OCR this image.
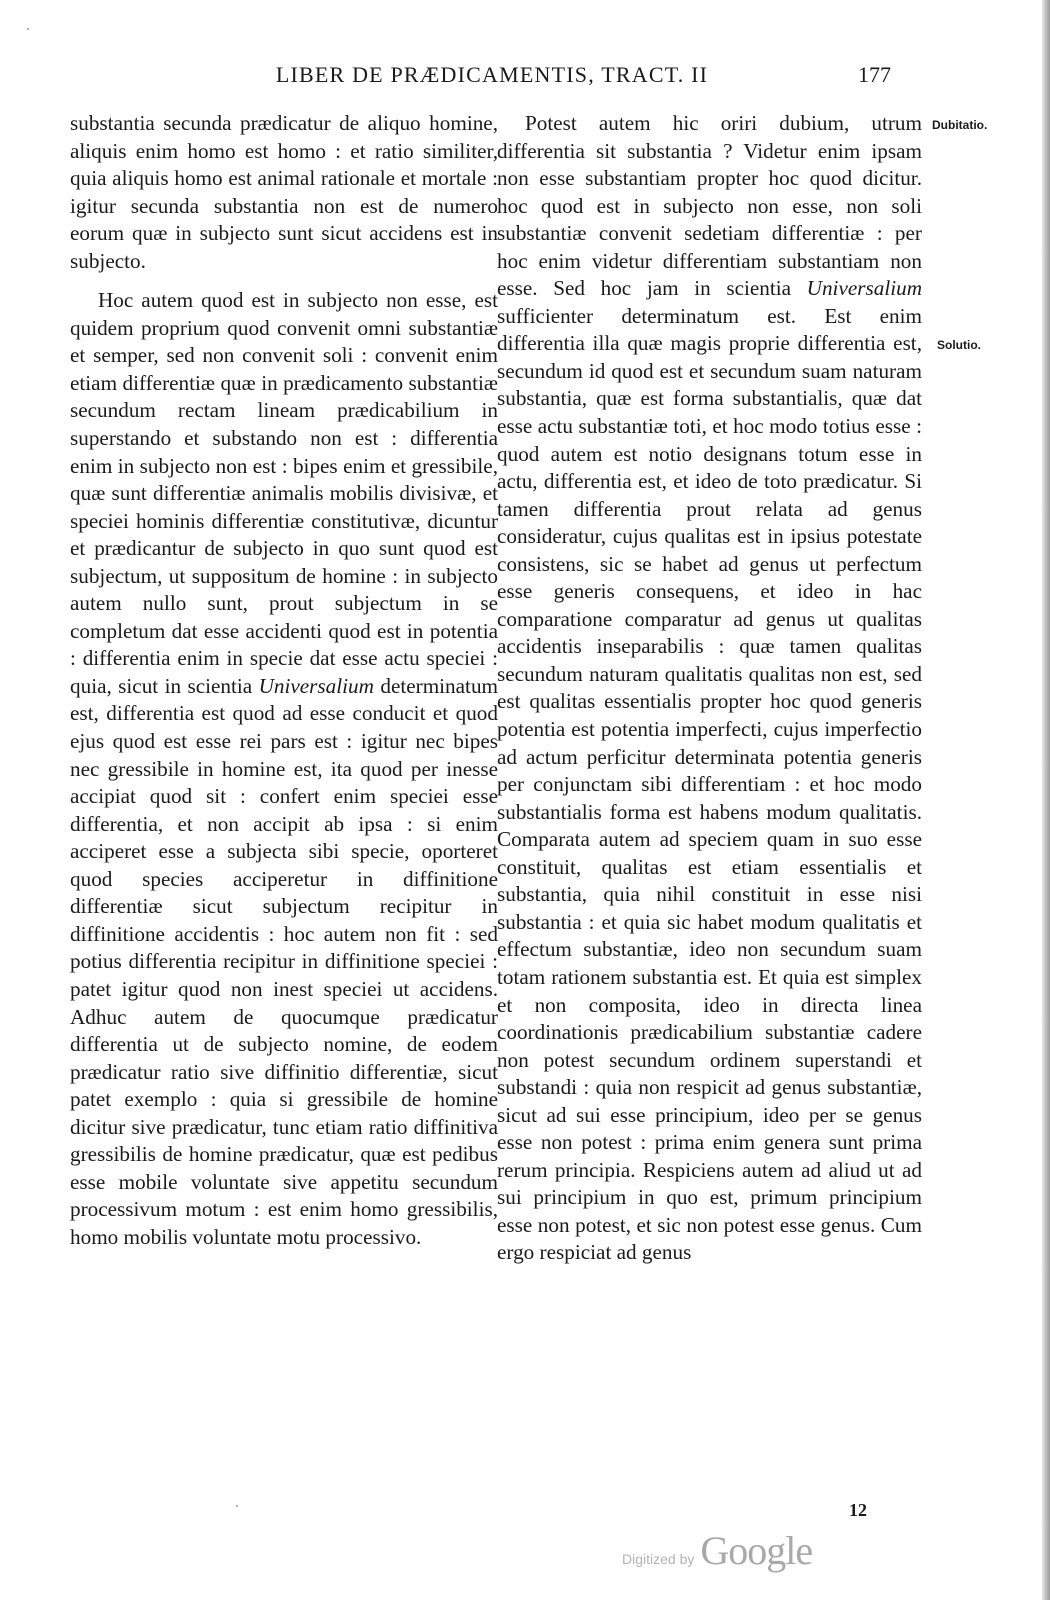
LIBER DE PRÆDICAMENTIS, TRACT. II	177

substantia secunda prædicatur de aliquo homine, aliquis enim homo est homo : et ratio similiter, quia aliquis homo est animal rationale et mortale : igitur secunda substantia non est de numero eorum quæ in subjecto sunt sicut accidens est in subjecto.

Hoc autem quod est in subjecto non esse, est quidem proprium quod convenit omni substantiæ et semper, sed non convenit soli : convenit enim etiam differentiæ quæ in prædicamento substantiæ secundum rectam lineam prædicabilium in superstando et substando non est : differentia enim in subjecto non est : bipes enim et gressibile, quæ sunt differentiæ animalis mobilis divisivæ, et speciei hominis differentiæ constitutivæ, dicuntur et prædicantur de subjecto in quo sunt quod est subjectum, ut suppositum de homine : in subjecto autem nullo sunt, prout subjectum in se completum dat esse accidenti quod est in potentia : differentia enim in specie dat esse actu speciei : quia, sicut in scientia Universalium determinatum est, differentia est quod ad esse conducit et quod ejus quod est esse rei pars est : igitur nec bipes nec gressibile in homine est, ita quod per inesse accipiat quod sit : confert enim speciei esse differentia, et non accipit ab ipsa : si enim acciperet esse a subjecta sibi specie, oporteret quod species acciperetur in diffinitione differentiæ sicut subjectum recipitur in diffinitione accidentis : hoc autem non fit : sed potius differentia recipitur in diffinitione speciei : patet igitur quod non inest speciei ut accidens. Adhuc autem de quocumque prædicatur differentia ut de subjecto nomine, de eodem prædicatur ratio sive diffinitio differentiæ, sicut patet exemplo : quia si gressibile de homine dicitur sive prædicatur, tunc etiam ratio diffinitiva gressibilis de homine prædicatur, quæ est pedibus esse mobile voluntate sive appetitu secundum processivum motum : est enim homo gressibilis, homo mobilis voluntate motu processivo.

Potest autem hic oriri dubium, utrum differentia sit substantia ? Videtur enim ipsam non esse substantiam propter hoc quod dicitur. hoc quod est in subjecto non esse, non soli substantiæ convenit sedetiam differentiæ : per hoc enim videtur differentiam substantiam non esse. Sed hoc jam in scientia Universalium sufficienter determinatum est. Est enim differentia illa quæ magis proprie differentia est, secundum id quod est et secundum suam naturam substantia, quæ est forma substantialis, quæ dat esse actu substantiæ toti, et hoc modo totius esse : quod autem est notio designans totum esse in actu, differentia est, et ideo de toto prædicatur. Si tamen differentia prout relata ad genus consideratur, cujus qualitas est in ipsius potestate consistens, sic se habet ad genus ut perfectum esse generis consequens, et ideo in hac comparatione comparatur ad genus ut qualitas accidentis inseparabilis : quæ tamen qualitas secundum naturam qualitatis qualitas non est, sed est qualitas essentialis propter hoc quod generis potentia est potentia imperfecti, cujus imperfectio ad actum perficitur determinata potentia generis per conjunctam sibi differentiam : et hoc modo substantialis forma est habens modum qualitatis. Comparata autem ad speciem quam in suo esse constituit, qualitas est etiam essentialis et substantia, quia nihil constituit in esse nisi substantia : et quia sic habet modum qualitatis et effectum substantiæ, ideo non secundum suam totam rationem substantia est. Et quia est simplex et non composita, ideo in directa linea coordinationis prædicabilium substantiæ cadere non potest secundum ordinem superstandi et substandi : quia non respicit ad genus substantiæ, sicut ad sui esse principium, ideo per se genus esse non potest : prima enim genera sunt prima rerum principia. Respiciens autem ad aliud ut ad sui principium in quo est, primum principium esse non potest, et sic non potest esse genus. Cum ergo respiciat ad genus

Dubitatio.
Solutio.
12
Digitized by Google
